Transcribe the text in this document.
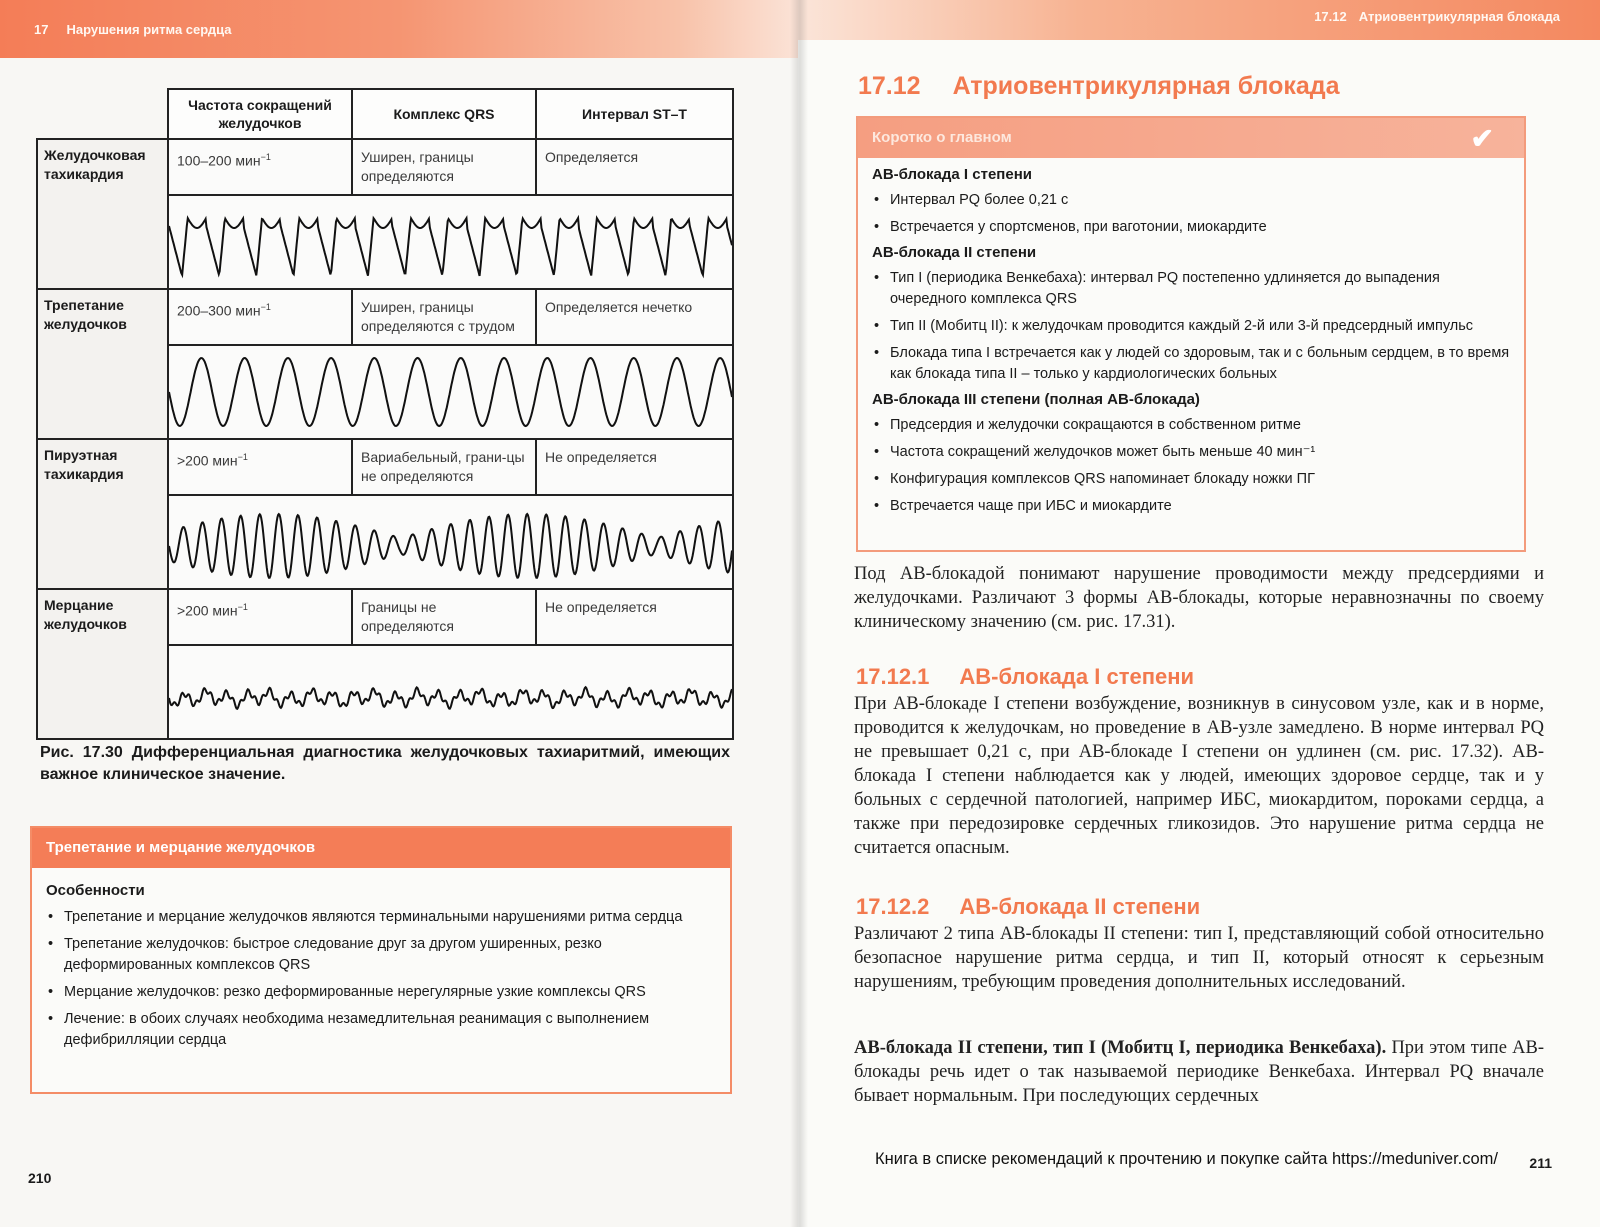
17 Нарушения ритма сердца
	Частота сокращений желудочков	Комплекс QRS	Интервал ST–T
Желудочковая тахикардия	100–200 мин$^{-1}$	Уширен, границы определяются	Определяется

Трепетание желудочков	200–300 мин$^{-1}$	Уширен, границы определяются с трудом	Определяется нечетко

Пируэтная тахикардия	>200 мин$^{-1}$	Вариабельный, грани-цы не определяются	Не определяется

Мерцание желудочков	>200 мин$^{-1}$	Границы не определяются	Не определяется

Рис. 17.30 Дифференциальная диагностика желудочковых тахиаритмий, имеющих важное клиническое значение.
Трепетание и мерцание желудочков
Особенности
• Трепетание и мерцание желудочков являются терминальными нарушениями ритма сердца
• Трепетание желудочков: быстрое следование друг за другом уширенных, резко деформированных комплексов QRS
• Мерцание желудочков: резко деформированные нерегулярные узкие комплексы QRS
• Лечение: в обоих случаях необходима незамедлительная реанимация с выполнением дефибрилляции сердца
210
17.12 Атриовентрикулярная блокада
17.12 Атриовентрикулярная блокада
Коротко о главном	✔
АВ-блокада I степени
• Интервал PQ более 0,21 с
• Встречается у спортсменов, при ваготонии, миокардите
АВ-блокада II степени
• Тип I (периодика Венкебаха): интервал PQ постепенно удлиняется до выпадения очередного комплекса QRS
• Тип II (Мобитц II): к желудочкам проводится каждый 2-й или 3-й предсердный импульс
• Блокада типа I встречается как у людей со здоровым, так и с больным сердцем, в то время как блокада типа II – только у кардиологических больных
АВ-блокада III степени (полная АВ-блокада)
• Предсердия и желудочки сокращаются в собственном ритме
• Частота сокращений желудочков может быть меньше 40 мин⁻¹
• Конфигурация комплексов QRS напоминает блокаду ножки ПГ
• Встречается чаще при ИБС и миокардите

Под АВ-блокадой понимают нарушение проводимости между предсердиями и желудочками. Различают 3 формы АВ-блокады, которые неравнозначны по своему клиническому значению (см. рис. 17.31).

17.12.1 АВ-блокада I степени

При АВ-блокаде I степени возбуждение, возникнув в синусовом узле, как и в норме, проводится к желудочкам, но проведение в АВ-узле замедлено. В норме интервал PQ не превышает 0,21 с, при АВ-блокаде I степени он удлинен (см. рис. 17.32). АВ-блокада I степени наблюдается как у людей, имеющих здоровое сердце, так и у больных с сердечной патологией, например ИБС, миокардитом, пороками сердца, а также при передозировке сердечных гликозидов. Это нарушение ритма сердца не считается опасным.

17.12.2 АВ-блокада II степени

Различают 2 типа АВ-блокады II степени: тип I, представляющий собой относительно безопасное нарушение ритма сердца, и тип II, который относят к серьезным нарушениям, требующим проведения дополнительных исследований.

АВ-блокада II степени, тип I (Мобитц I, периодика Венкебаха). При этом типе АВ-блокады речь идет о так называемой периодике Венкебаха. Интервал PQ вначале бывает нормальным. При последующих сердечных

211
Книга в списке рекомендаций к прочтению и покупке сайта https://meduniver.com/
